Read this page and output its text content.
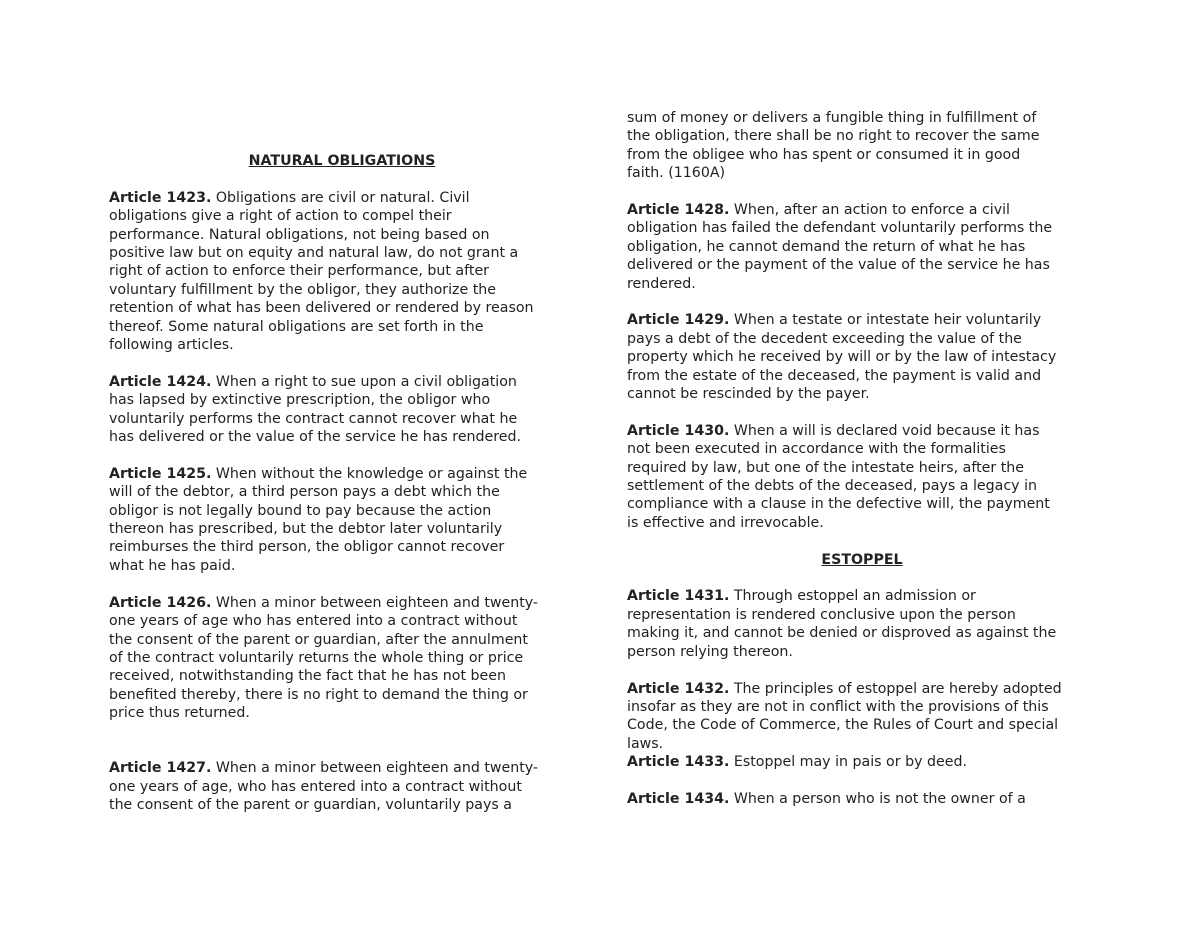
NATURAL OBLIGATIONS
Article 1423. Obligations are civil or natural. Civil
obligations give a right of action to compel their
performance. Natural obligations, not being based on
positive law but on equity and natural law, do not grant a
right of action to enforce their performance, but after
voluntary fulfillment by the obligor, they authorize the
retention of what has been delivered or rendered by reason
thereof. Some natural obligations are set forth in the
following articles.
Article 1424. When a right to sue upon a civil obligation
has lapsed by extinctive prescription, the obligor who
voluntarily performs the contract cannot recover what he
has delivered or the value of the service he has rendered.
Article 1425. When without the knowledge or against the
will of the debtor, a third person pays a debt which the
obligor is not legally bound to pay because the action
thereon has prescribed, but the debtor later voluntarily
reimburses the third person, the obligor cannot recover
what he has paid.
Article 1426. When a minor between eighteen and twenty-
one years of age who has entered into a contract without
the consent of the parent or guardian, after the annulment
of the contract voluntarily returns the whole thing or price
received, notwithstanding the fact that he has not been
benefited thereby, there is no right to demand the thing or
price thus returned.
Article 1427. When a minor between eighteen and twenty-
one years of age, who has entered into a contract without
the consent of the parent or guardian, voluntarily pays a
sum of money or delivers a fungible thing in fulfillment of
the obligation, there shall be no right to recover the same
from the obligee who has spent or consumed it in good
faith. (1160A)
Article 1428. When, after an action to enforce a civil
obligation has failed the defendant voluntarily performs the
obligation, he cannot demand the return of what he has
delivered or the payment of the value of the service he has
rendered.
Article 1429. When a testate or intestate heir voluntarily
pays a debt of the decedent exceeding the value of the
property which he received by will or by the law of intestacy
from the estate of the deceased, the payment is valid and
cannot be rescinded by the payer.
Article 1430. When a will is declared void because it has
not been executed in accordance with the formalities
required by law, but one of the intestate heirs, after the
settlement of the debts of the deceased, pays a legacy in
compliance with a clause in the defective will, the payment
is effective and irrevocable.
ESTOPPEL
Article 1431. Through estoppel an admission or
representation is rendered conclusive upon the person
making it, and cannot be denied or disproved as against the
person relying thereon.
Article 1432. The principles of estoppel are hereby adopted
insofar as they are not in conflict with the provisions of this
Code, the Code of Commerce, the Rules of Court and special
laws.
Article 1433. Estoppel may in pais or by deed.
Article 1434. When a person who is not the owner of a
